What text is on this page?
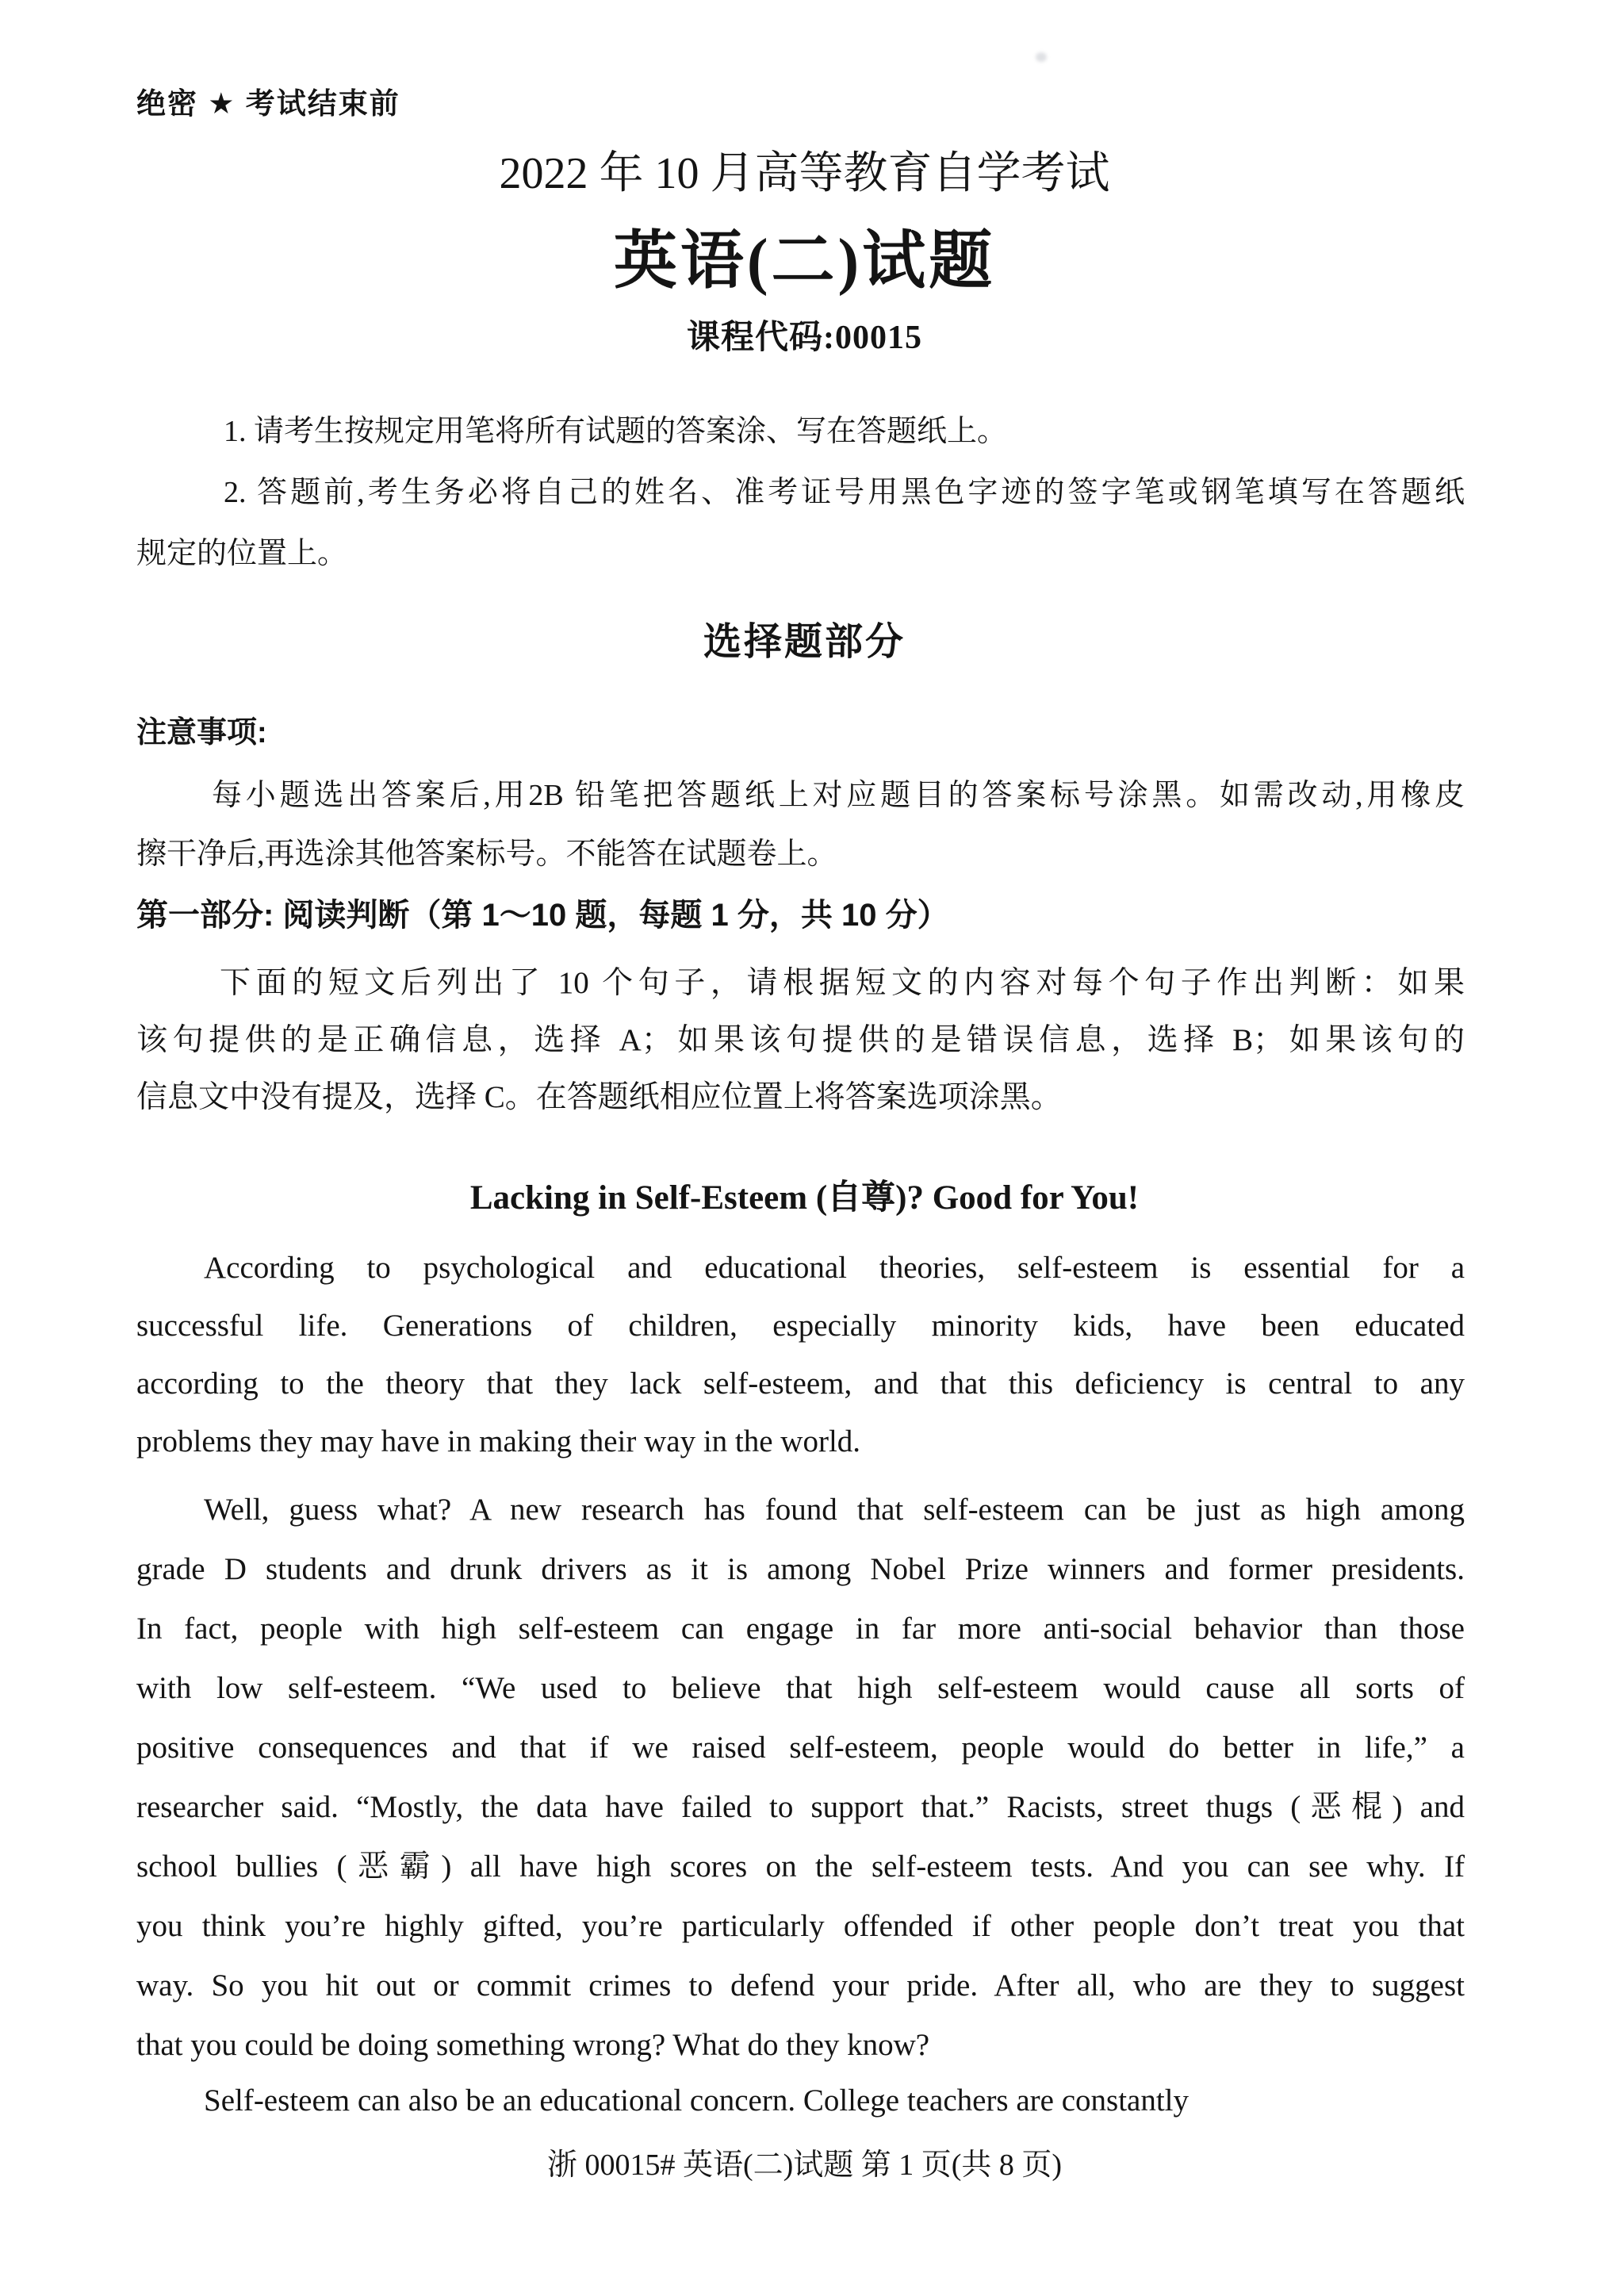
绝密 ★ 考试结束前
2022 年 10 月高等教育自学考试
英语(二)试题
课程代码:00015
1. 请考生按规定用笔将所有试题的答案涂、写在答题纸上。
2. 答题前,考生务必将自己的姓名、准考证号用黑色字迹的签字笔或钢笔填写在答题纸
规定的位置上。
选择题部分
注意事项:
每小题选出答案后,用2B 铅笔把答题纸上对应题目的答案标号涂黑。如需改动,用橡皮
擦干净后,再选涂其他答案标号。不能答在试题卷上。
第一部分: 阅读判断（第 1～10 题，每题 1 分，共 10 分）
下面的短文后列出了 10 个句子，请根据短文的内容对每个句子作出判断：如果
该句提供的是正确信息，选择 A；如果该句提供的是错误信息，选择 B；如果该句的
信息文中没有提及，选择 C。在答题纸相应位置上将答案选项涂黑。
Lacking in Self-Esteem (自尊)? Good for You!
According to psychological and educational theories, self-esteem is essential for a
successful life. Generations of children, especially minority kids, have been educated
according to the theory that they lack self-esteem, and that this deficiency is central to any
problems they may have in making their way in the world.
Well, guess what? A new research has found that self-esteem can be just as high among
grade D students and drunk drivers as it is among Nobel Prize winners and former presidents.
In fact, people with high self-esteem can engage in far more anti-social behavior than those
with low self-esteem. “We used to believe that high self-esteem would cause all sorts of
positive consequences and that if we raised self-esteem, people would do better in life,” a
researcher said. “Mostly, the data have failed to support that.” Racists, street thugs (恶棍) and
school bullies (恶霸) all have high scores on the self-esteem tests. And you can see why. If
you think you’re highly gifted, you’re particularly offended if other people don’t treat you that
way. So you hit out or commit crimes to defend your pride. After all, who are they to suggest
that you could be doing something wrong? What do they know?
Self-esteem can also be an educational concern. College teachers are constantly
浙 00015# 英语(二)试题 第 1 页(共 8 页)
